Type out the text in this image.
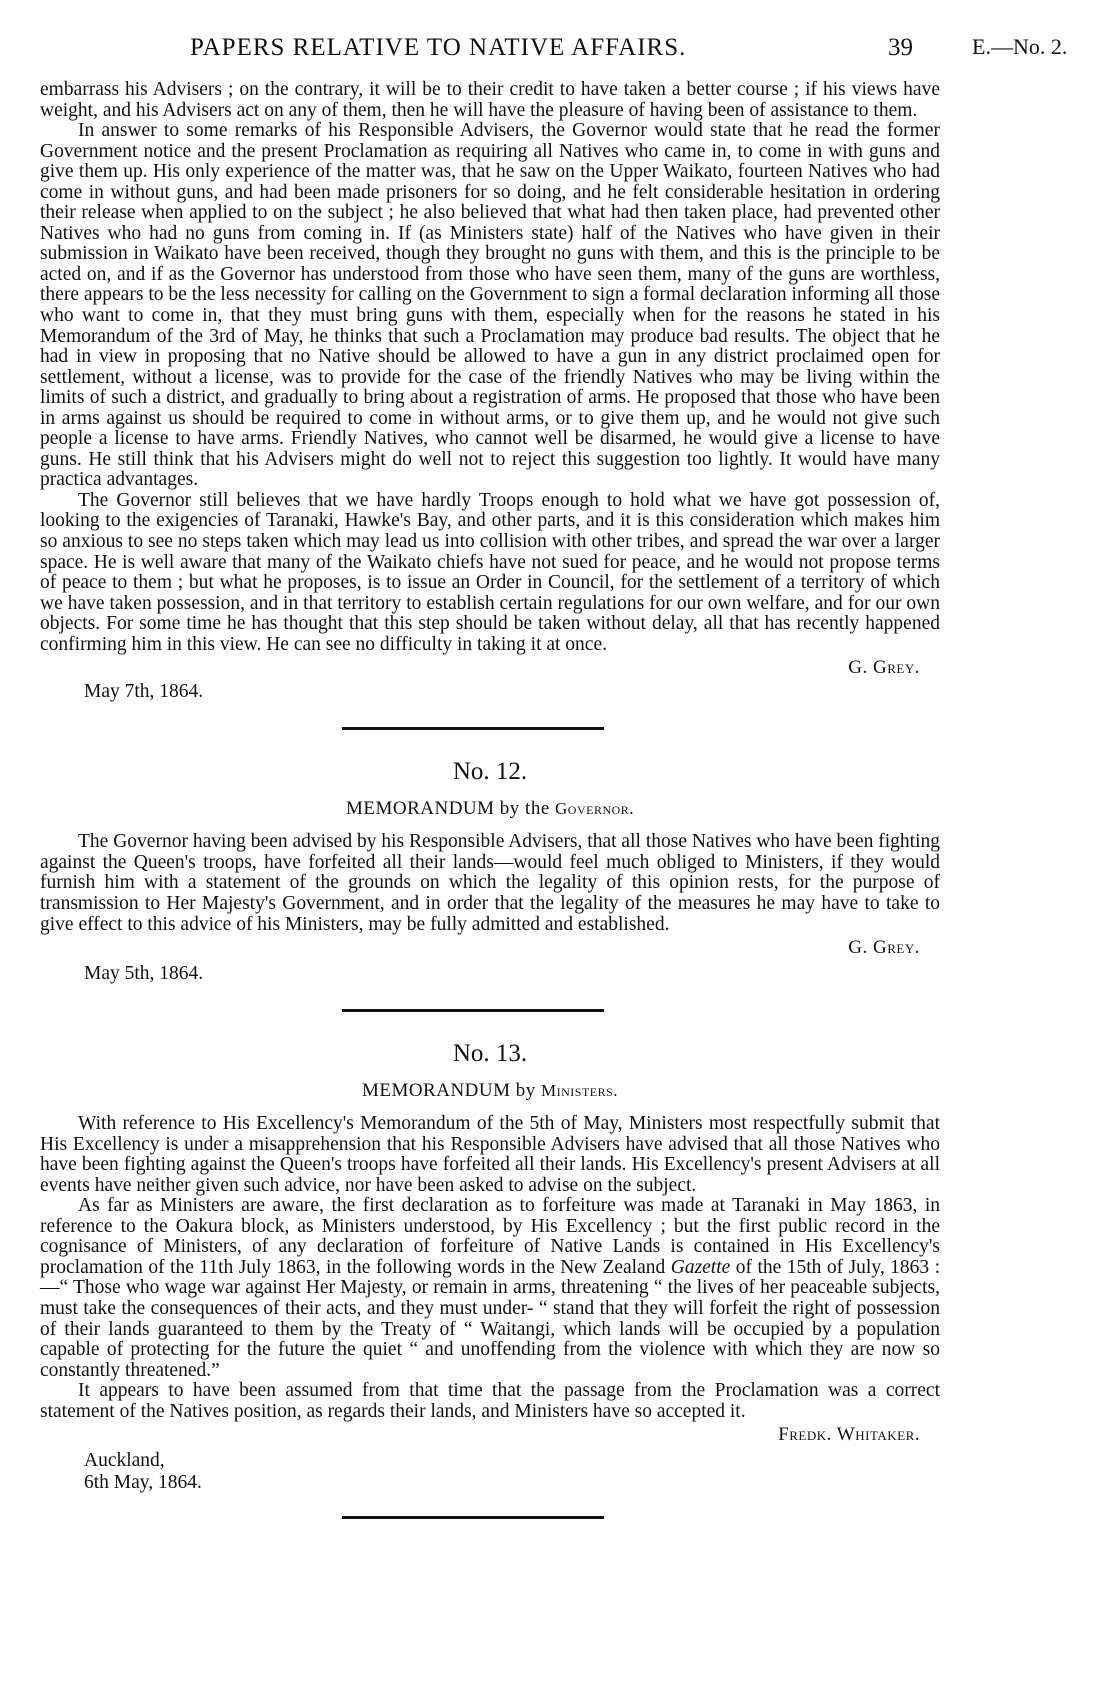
PAPERS RELATIVE TO NATIVE AFFAIRS.	39	E.—No. 2.

embarrass his Advisers ; on the contrary, it will be to their credit to have taken a better course ; if his views have weight, and his Advisers act on any of them, then he will have the pleasure of having been of assistance to them.

In answer to some remarks of his Responsible Advisers, the Governor would state that he read the former Government notice and the present Proclamation as requiring all Natives who came in, to come in with guns and give them up. His only experience of the matter was, that he saw on the Upper Waikato, fourteen Natives who had come in without guns, and had been made prisoners for so doing, and he felt considerable hesitation in ordering their release when applied to on the subject ; he also believed that what had then taken place, had prevented other Natives who had no guns from coming in. If (as Ministers state) half of the Natives who have given in their submission in Waikato have been received, though they brought no guns with them, and this is the principle to be acted on, and if as the Governor has understood from those who have seen them, many of the guns are worthless, there appears to be the less necessity for calling on the Government to sign a formal declaration informing all those who want to come in, that they must bring guns with them, especially when for the reasons he stated in his Memorandum of the 3rd of May, he thinks that such a Proclamation may produce bad results. The object that he had in view in proposing that no Native should be allowed to have a gun in any district proclaimed open for settlement, without a license, was to provide for the case of the friendly Natives who may be living within the limits of such a district, and gradually to bring about a registration of arms. He proposed that those who have been in arms against us should be required to come in without arms, or to give them up, and he would not give such people a license to have arms. Friendly Natives, who cannot well be disarmed, he would give a license to have guns. He still think that his Advisers might do well not to reject this suggestion too lightly. It would have many practica advantages.

The Governor still believes that we have hardly Troops enough to hold what we have got possession of, looking to the exigencies of Taranaki, Hawke's Bay, and other parts, and it is this consideration which makes him so anxious to see no steps taken which may lead us into collision with other tribes, and spread the war over a larger space. He is well aware that many of the Waikato chiefs have not sued for peace, and he would not propose terms of peace to them ; but what he proposes, is to issue an Order in Council, for the settlement of a territory of which we have taken possession, and in that territory to establish certain regulations for our own welfare, and for our own objects. For some time he has thought that this step should be taken without delay, all that has recently happened confirming him in this view. He can see no difficulty in taking it at once.

G. Grey.
May 7th, 1864.
No. 12.
MEMORANDUM by the Governor.

The Governor having been advised by his Responsible Advisers, that all those Natives who have been fighting against the Queen's troops, have forfeited all their lands—would feel much obliged to Ministers, if they would furnish him with a statement of the grounds on which the legality of this opinion rests, for the purpose of transmission to Her Majesty's Government, and in order that the legality of the measures he may have to take to give effect to this advice of his Ministers, may be fully admitted and established.

G. Grey.
May 5th, 1864.
No. 13.
MEMORANDUM by Ministers.

With reference to His Excellency's Memorandum of the 5th of May, Ministers most respectfully submit that His Excellency is under a misapprehension that his Responsible Advisers have advised that all those Natives who have been fighting against the Queen's troops have forfeited all their lands. His Excellency's present Advisers at all events have neither given such advice, nor have been asked to advise on the subject.

As far as Ministers are aware, the first declaration as to forfeiture was made at Taranaki in May 1863, in reference to the Oakura block, as Ministers understood, by His Excellency ; but the first public record in the cognisance of Ministers, of any declaration of forfeiture of Native Lands is contained in His Excellency's proclamation of the 11th July 1863, in the following words in the New Zealand Gazette of the 15th of July, 1863 :—“ Those who wage war against Her Majesty, or remain in arms, threatening “ the lives of her peaceable subjects, must take the consequences of their acts, and they must under- “ stand that they will forfeit the right of possession of their lands guaranteed to them by the Treaty of “ Waitangi, which lands will be occupied by a population capable of protecting for the future the quiet “ and unoffending from the violence with which they are now so constantly threatened.”

It appears to have been assumed from that time that the passage from the Proclamation was a correct statement of the Natives position, as regards their lands, and Ministers have so accepted it.

Fredk. Whitaker.
Auckland,
6th May, 1864.
